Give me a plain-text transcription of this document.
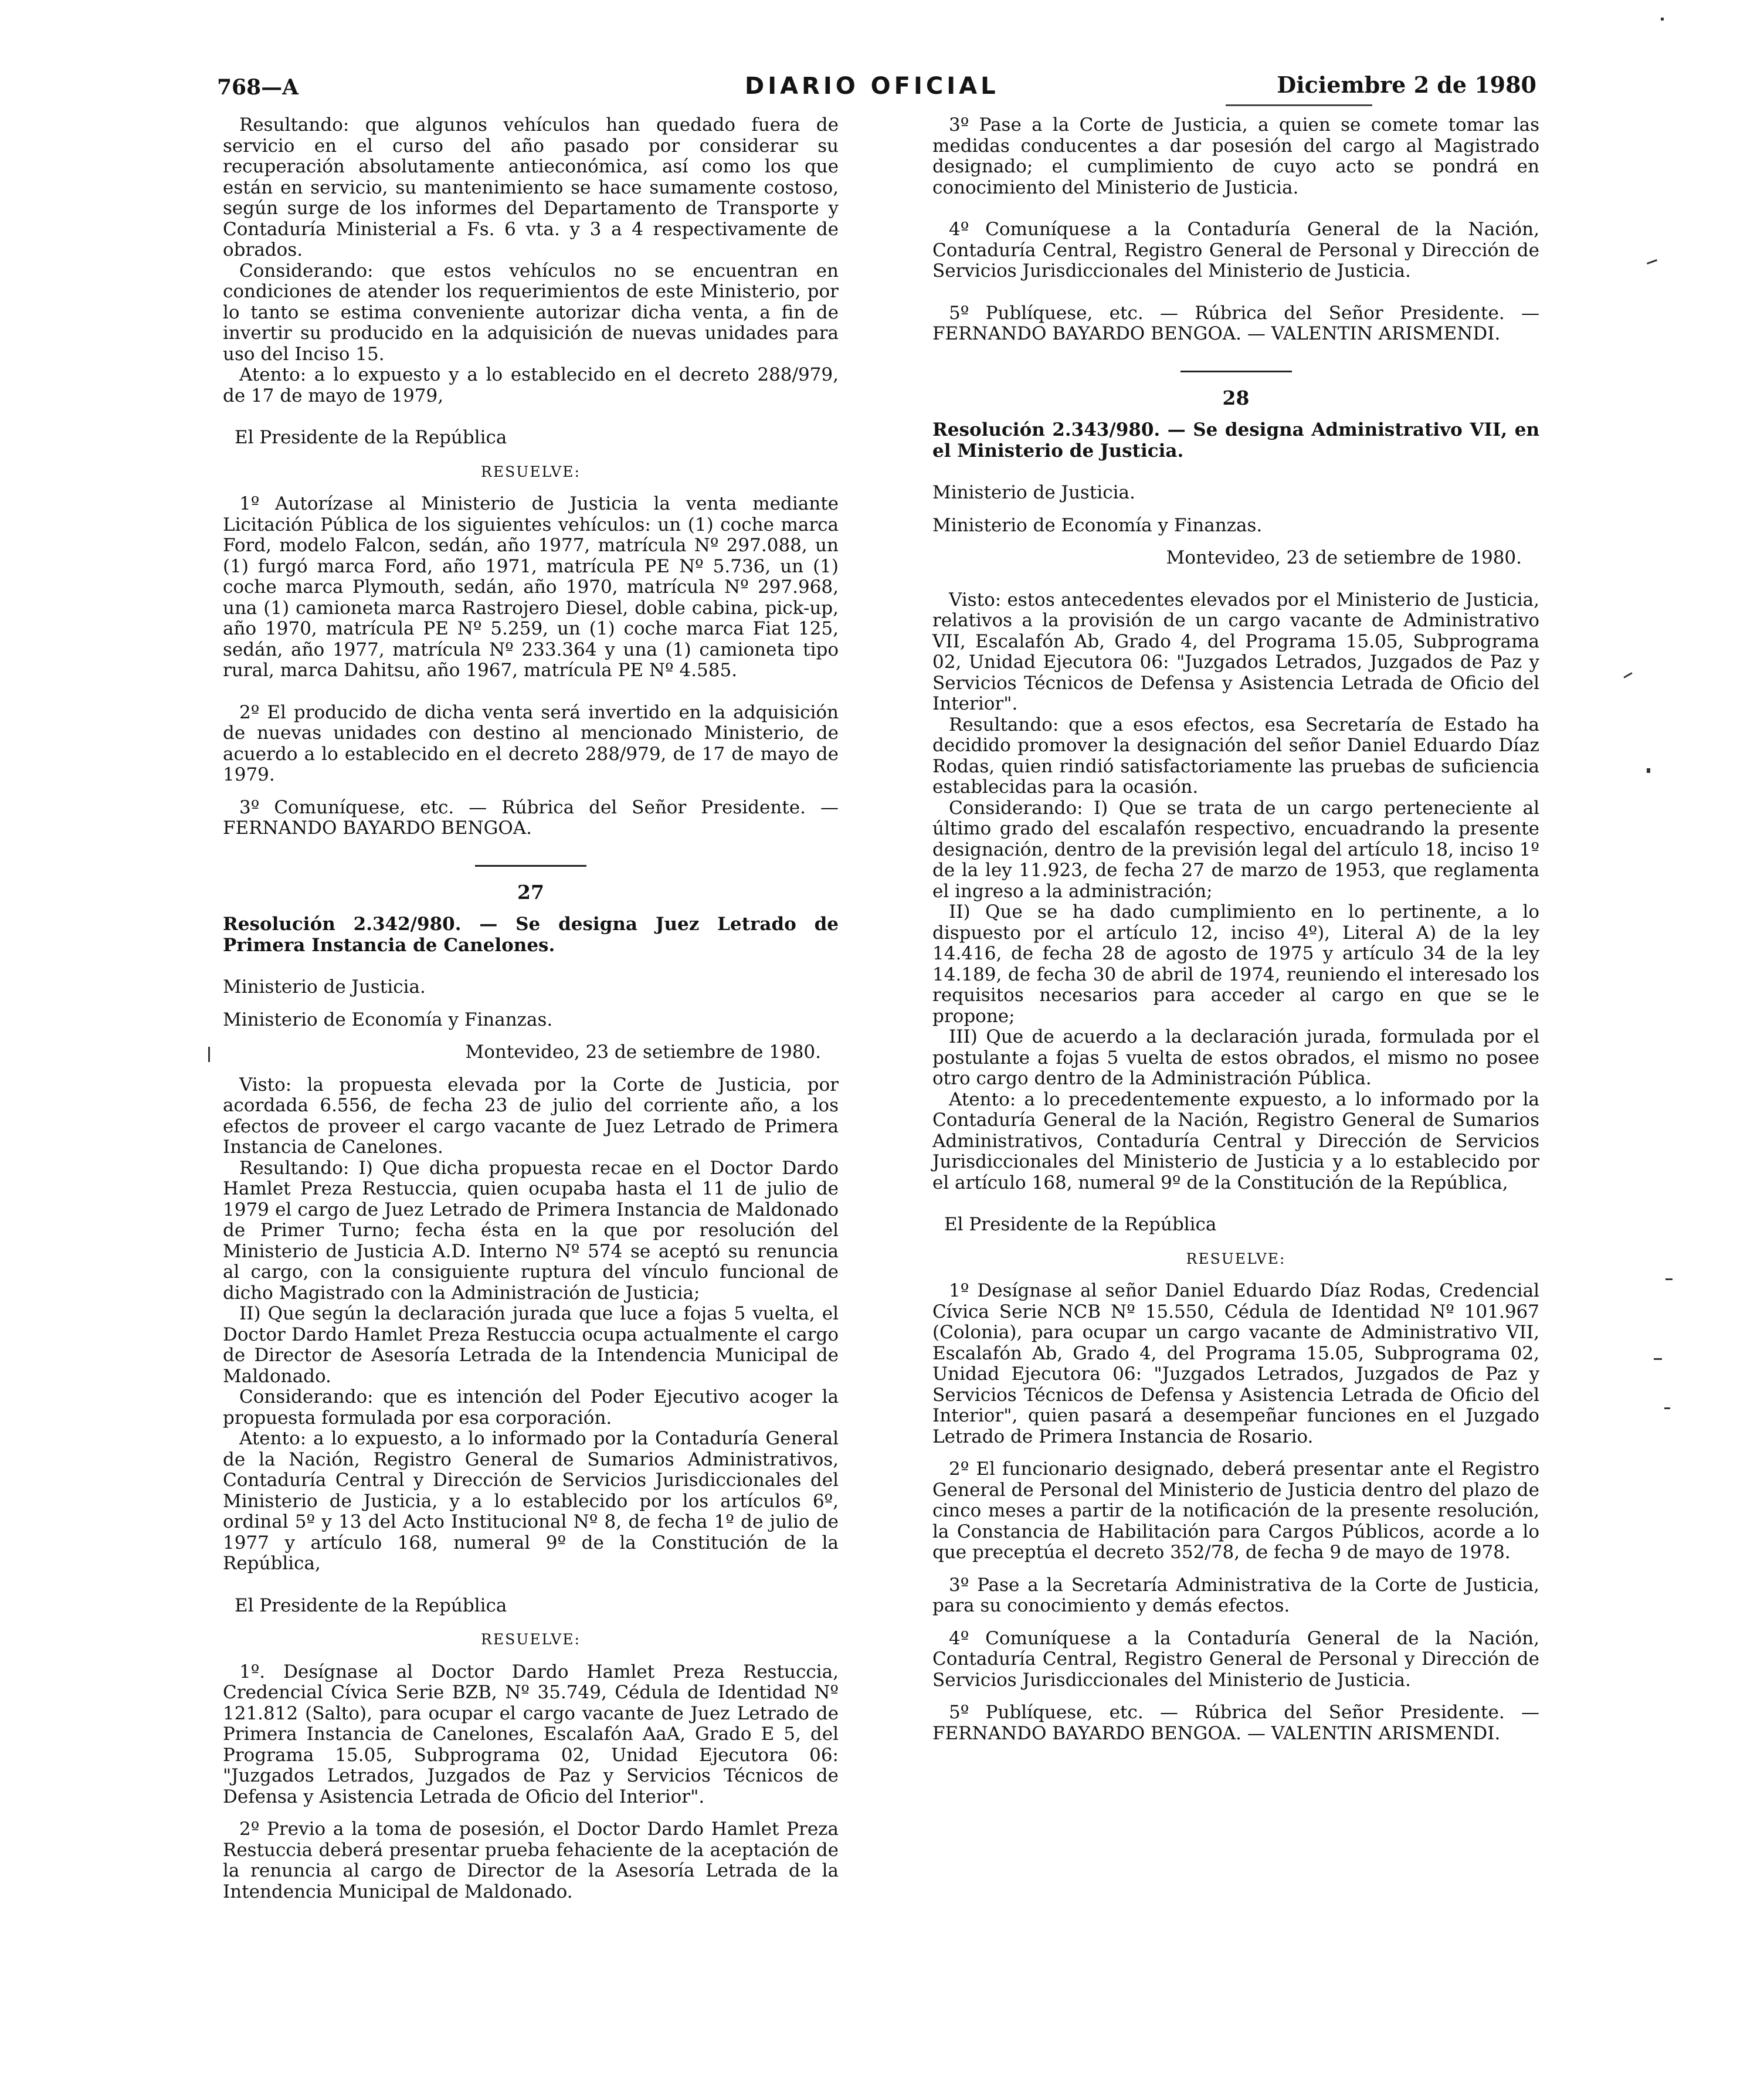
768—A	DIARIO OFICIAL	Diciembre 2 de 1980

Resultando: que algunos vehículos han quedado fuera de servicio en el curso del año pasado por considerar su recuperación absolutamente antieconómica, así como los que están en servicio, su mantenimiento se hace sumamente costoso, según surge de los informes del Departamento de Transporte y Contaduría Ministerial a Fs. 6 vta. y 3 a 4 respectivamente de obrados.

Considerando: que estos vehículos no se encuentran en condiciones de atender los requerimientos de este Ministerio, por lo tanto se estima conveniente autorizar dicha venta, a fin de invertir su producido en la adquisición de nuevas unidades para uso del Inciso 15.

Atento: a lo expuesto y a lo establecido en el decreto 288/979, de 17 de mayo de 1979,

El Presidente de la República

RESUELVE:

1º Autorízase al Ministerio de Justicia la venta mediante Licitación Pública de los siguientes vehículos: un (1) coche marca Ford, modelo Falcon, sedán, año 1977, matrícula Nº 297.088, un (1) furgó marca Ford, año 1971, matrícula PE Nº 5.736, un (1) coche marca Plymouth, sedán, año 1970, matrícula Nº 297.968, una (1) camioneta marca Rastrojero Diesel, doble cabina, pick-up, año 1970, matrícula PE Nº 5.259, un (1) coche marca Fiat 125, sedán, año 1977, matrícula Nº 233.364 y una (1) camioneta tipo rural, marca Dahitsu, año 1967, matrícula PE Nº 4.585.

2º El producido de dicha venta será invertido en la adquisición de nuevas unidades con destino al mencionado Ministerio, de acuerdo a lo establecido en el decreto 288/979, de 17 de mayo de 1979.

3º Comuníquese, etc. — Rúbrica del Señor Presidente. — FERNANDO BAYARDO BENGOA.

27

Resolución 2.342/980. — Se designa Juez Letrado de Primera Instancia de Canelones.

Ministerio de Justicia.

Ministerio de Economía y Finanzas.

Montevideo, 23 de setiembre de 1980.

Visto: la propuesta elevada por la Corte de Justicia, por acordada 6.556, de fecha 23 de julio del corriente año, a los efectos de proveer el cargo vacante de Juez Letrado de Primera Instancia de Canelones.

Resultando: I) Que dicha propuesta recae en el Doctor Dardo Hamlet Preza Restuccia, quien ocupaba hasta el 11 de julio de 1979 el cargo de Juez Letrado de Primera Instancia de Maldonado de Primer Turno; fecha ésta en la que por resolución del Ministerio de Justicia A.D. Interno Nº 574 se aceptó su renuncia al cargo, con la consiguiente ruptura del vínculo funcional de dicho Magistrado con la Administración de Justicia;

II) Que según la declaración jurada que luce a fojas 5 vuelta, el Doctor Dardo Hamlet Preza Restuccia ocupa actualmente el cargo de Director de Asesoría Letrada de la Intendencia Municipal de Maldonado.

Considerando: que es intención del Poder Ejecutivo acoger la propuesta formulada por esa corporación.

Atento: a lo expuesto, a lo informado por la Contaduría General de la Nación, Registro General de Sumarios Administrativos, Contaduría Central y Dirección de Servicios Jurisdiccionales del Ministerio de Justicia, y a lo establecido por los artículos 6º, ordinal 5º y 13 del Acto Institucional Nº 8, de fecha 1º de julio de 1977 y artículo 168, numeral 9º de la Constitución de la República,

El Presidente de la República

RESUELVE:

1º. Desígnase al Doctor Dardo Hamlet Preza Restuccia, Credencial Cívica Serie BZB, Nº 35.749, Cédula de Identidad Nº 121.812 (Salto), para ocupar el cargo vacante de Juez Letrado de Primera Instancia de Canelones, Escalafón AaA, Grado E 5, del Programa 15.05, Subprograma 02, Unidad Ejecutora 06: "Juzgados Letrados, Juzgados de Paz y Servicios Técnicos de Defensa y Asistencia Letrada de Oficio del Interior".

2º Previo a la toma de posesión, el Doctor Dardo Hamlet Preza Restuccia deberá presentar prueba fehaciente de la aceptación de la renuncia al cargo de Director de la Asesoría Letrada de la Intendencia Municipal de Maldonado.

3º Pase a la Corte de Justicia, a quien se comete tomar las medidas conducentes a dar posesión del cargo al Magistrado designado; el cumplimiento de cuyo acto se pondrá en conocimiento del Ministerio de Justicia.

4º Comuníquese a la Contaduría General de la Nación, Contaduría Central, Registro General de Personal y Dirección de Servicios Jurisdiccionales del Ministerio de Justicia.

5º Publíquese, etc. — Rúbrica del Señor Presidente. — FERNANDO BAYARDO BENGOA. — VALENTIN ARISMENDI.

28

Resolución 2.343/980. — Se designa Administrativo VII, en el Ministerio de Justicia.

Ministerio de Justicia.

Ministerio de Economía y Finanzas.

Montevideo, 23 de setiembre de 1980.

Visto: estos antecedentes elevados por el Ministerio de Justicia, relativos a la provisión de un cargo vacante de Administrativo VII, Escalafón Ab, Grado 4, del Programa 15.05, Subprograma 02, Unidad Ejecutora 06: "Juzgados Letrados, Juzgados de Paz y Servicios Técnicos de Defensa y Asistencia Letrada de Oficio del Interior".

Resultando: que a esos efectos, esa Secretaría de Estado ha decidido promover la designación del señor Daniel Eduardo Díaz Rodas, quien rindió satisfactoriamente las pruebas de suficiencia establecidas para la ocasión.

Considerando: I) Que se trata de un cargo perteneciente al último grado del escalafón respectivo, encuadrando la presente designación, dentro de la previsión legal del artículo 18, inciso 1º de la ley 11.923, de fecha 27 de marzo de 1953, que reglamenta el ingreso a la administración;

II) Que se ha dado cumplimiento en lo pertinente, a lo dispuesto por el artículo 12, inciso 4º), Literal A) de la ley 14.416, de fecha 28 de agosto de 1975 y artículo 34 de la ley 14.189, de fecha 30 de abril de 1974, reuniendo el interesado los requisitos necesarios para acceder al cargo en que se le propone;

III) Que de acuerdo a la declaración jurada, formulada por el postulante a fojas 5 vuelta de estos obrados, el mismo no posee otro cargo dentro de la Administración Pública.

Atento: a lo precedentemente expuesto, a lo informado por la Contaduría General de la Nación, Registro General de Sumarios Administrativos, Contaduría Central y Dirección de Servicios Jurisdiccionales del Ministerio de Justicia y a lo establecido por el artículo 168, numeral 9º de la Constitución de la República,

El Presidente de la República

RESUELVE:

1º Desígnase al señor Daniel Eduardo Díaz Rodas, Credencial Cívica Serie NCB Nº 15.550, Cédula de Identidad Nº 101.967 (Colonia), para ocupar un cargo vacante de Administrativo VII, Escalafón Ab, Grado 4, del Programa 15.05, Subprograma 02, Unidad Ejecutora 06: "Juzgados Letrados, Juzgados de Paz y Servicios Técnicos de Defensa y Asistencia Letrada de Oficio del Interior", quien pasará a desempeñar funciones en el Juzgado Letrado de Primera Instancia de Rosario.

2º El funcionario designado, deberá presentar ante el Registro General de Personal del Ministerio de Justicia dentro del plazo de cinco meses a partir de la notificación de la presente resolución, la Constancia de Habilitación para Cargos Públicos, acorde a lo que preceptúa el decreto 352/78, de fecha 9 de mayo de 1978.

3º Pase a la Secretaría Administrativa de la Corte de Justicia, para su conocimiento y demás efectos.

4º Comuníquese a la Contaduría General de la Nación, Contaduría Central, Registro General de Personal y Dirección de Servicios Jurisdiccionales del Ministerio de Justicia.

5º Publíquese, etc. — Rúbrica del Señor Presidente. — FERNANDO BAYARDO BENGOA. — VALENTIN ARISMENDI.
